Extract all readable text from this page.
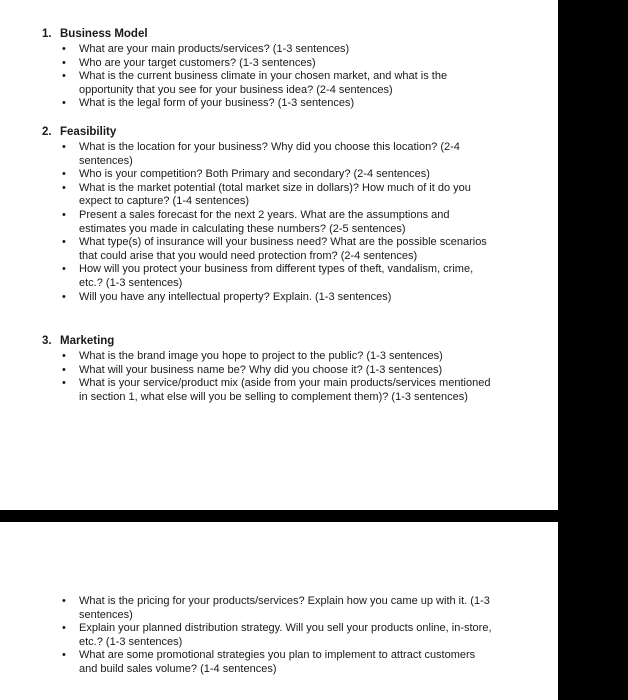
1. Business Model

• What are your main products/services? (1-3 sentences)
• Who are your target customers? (1-3 sentences)
• What is the current business climate in your chosen market, and what is the opportunity that you see for your business idea? (2-4 sentences)
• What is the legal form of your business? (1-3 sentences)

2. Feasibility

• What is the location for your business? Why did you choose this location? (2-4 sentences)
• Who is your competition? Both Primary and secondary? (2-4 sentences)
• What is the market potential (total market size in dollars)? How much of it do you expect to capture? (1-4 sentences)
• Present a sales forecast for the next 2 years. What are the assumptions and estimates you made in calculating these numbers? (2-5 sentences)
• What type(s) of insurance will your business need? What are the possible scenarios that could arise that you would need protection from? (2-4 sentences)
• How will you protect your business from different types of theft, vandalism, crime, etc.? (1-3 sentences)
• Will you have any intellectual property? Explain. (1-3 sentences)

3. Marketing

• What is the brand image you hope to project to the public? (1-3 sentences)
• What will your business name be? Why did you choose it? (1-3 sentences)
• What is your service/product mix (aside from your main products/services mentioned in section 1, what else will you be selling to complement them)? (1-3 sentences)
• What is the pricing for your products/services? Explain how you came up with it. (1-3 sentences)
• Explain your planned distribution strategy. Will you sell your products online, in-store, etc.? (1-3 sentences)
• What are some promotional strategies you plan to implement to attract customers and build sales volume? (1-4 sentences)
